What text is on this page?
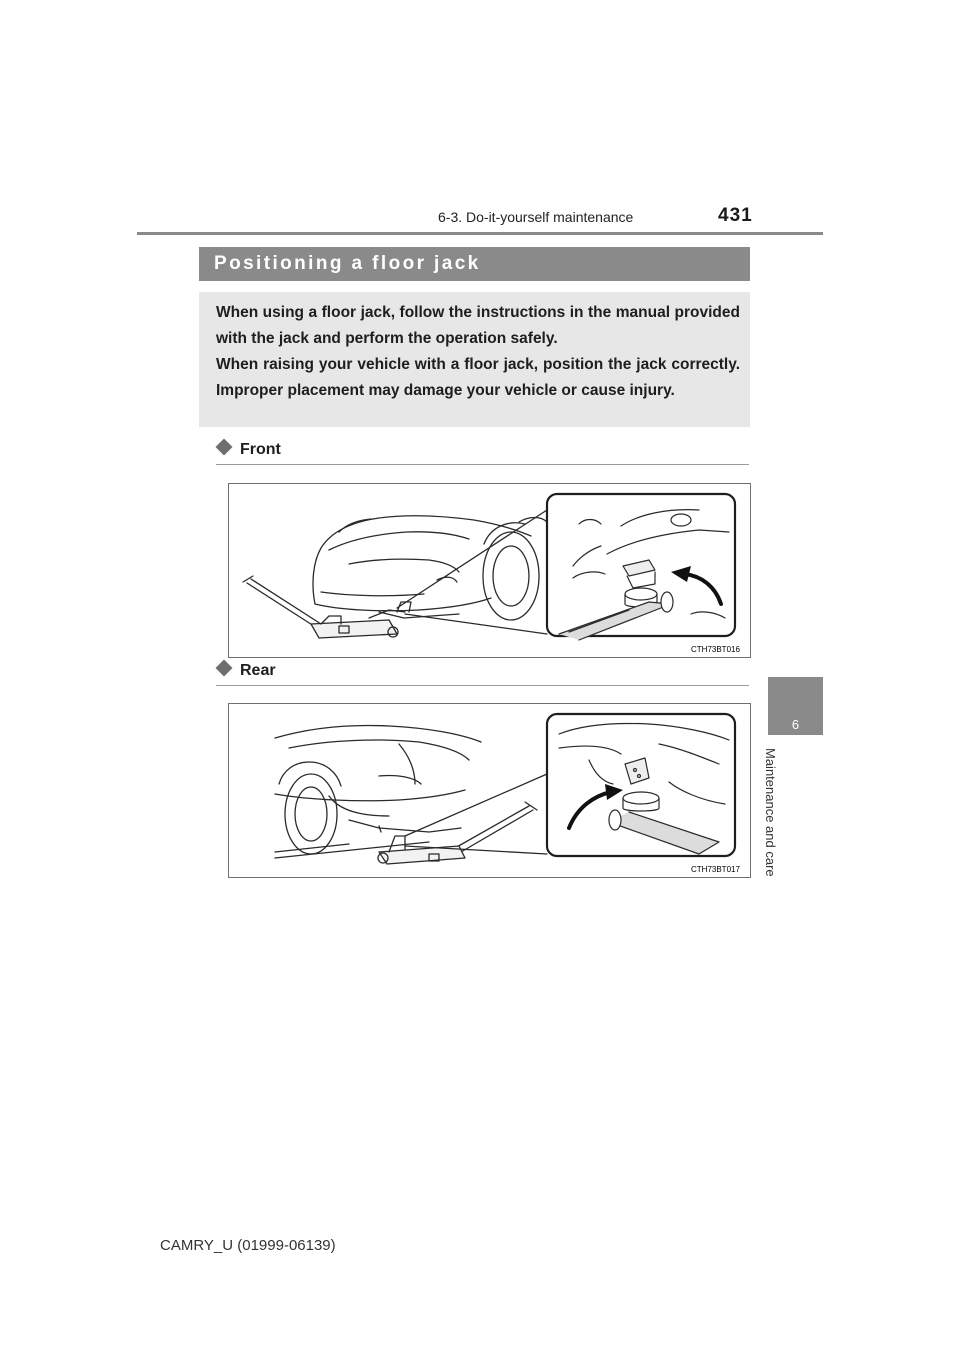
431
6-3. Do-it-yourself maintenance
6
Maintenance and care
Positioning a floor jack
When using a floor jack, follow the instructions in the manual provided with the jack and perform the operation safely.
When raising your vehicle with a floor jack, position the jack correctly. Improper placement may damage your vehicle or cause injury.
Front
CTH73BT016
Rear
CTH73BT017
CAMRY_U (01999-06139)
